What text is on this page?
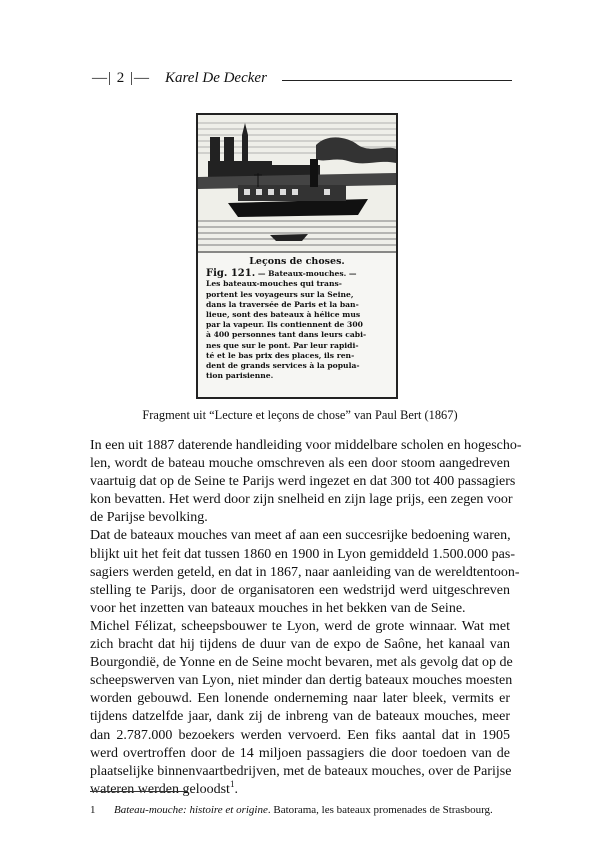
—| 2 |— Karel De Decker
Leçons de choses.
Fig. 121. — Bateaux-mouches. —
Les bateaux-mouches qui trans-
portent les voyageurs sur la Seine,
dans la traversée de Paris et la ban-
lieue, sont des bateaux à hélice mus
par la vapeur. Ils contiennent de 300
à 400 personnes tant dans leurs cabi-
nes que sur le pont. Par leur rapidi-
té et le bas prix des places, ils ren-
dent de grands services à la popula-
tion parisienne.
Fragment uit “Lecture et leçons de chose” van Paul Bert (1867)
In een uit 1887 daterende handleiding voor middelbare scholen en hogescho-
len, wordt de bateau mouche omschreven als een door stoom aangedreven
vaartuig dat op de Seine te Parijs werd ingezet en dat 300 tot 400 passagiers
kon bevatten. Het werd door zijn snelheid en zijn lage prijs, een zegen voor
de Parijse bevolking.
Dat de bateaux mouches van meet af aan een succesrijke bedoening waren,
blijkt uit het feit dat tussen 1860 en 1900 in Lyon gemiddeld 1.500.000 pas-
sagiers werden geteld, en dat in 1867, naar aanleiding van de wereldtentoon-
stelling te Parijs, door de organisatoren een wedstrijd werd uitgeschreven
voor het inzetten van bateaux mouches in het bekken van de Seine.
Michel Félizat, scheepsbouwer te Lyon, werd de grote winnaar. Wat met
zich bracht dat hij tijdens de duur van de expo de Saône, het kanaal van
Bourgondië, de Yonne en de Seine mocht bevaren, met als gevolg dat op de
scheepswerven van Lyon, niet minder dan dertig bateaux mouches moesten
worden gebouwd. Een lonende onderneming naar later bleek, vermits er
tijdens datzelfde jaar, dank zij de inbreng van de bateaux mouches, meer
dan 2.787.000 bezoekers werden vervoerd. Een fiks aantal dat in 1905
werd overtroffen door de 14 miljoen passagiers die door toedoen van de
plaatselijke binnenvaartbedrijven, met de bateaux mouches, over de Parijse
wateren werden geloodst$^1$.
1 Bateau-mouche: histoire et origine. Batorama, les bateaux promenades de Strasbourg.
